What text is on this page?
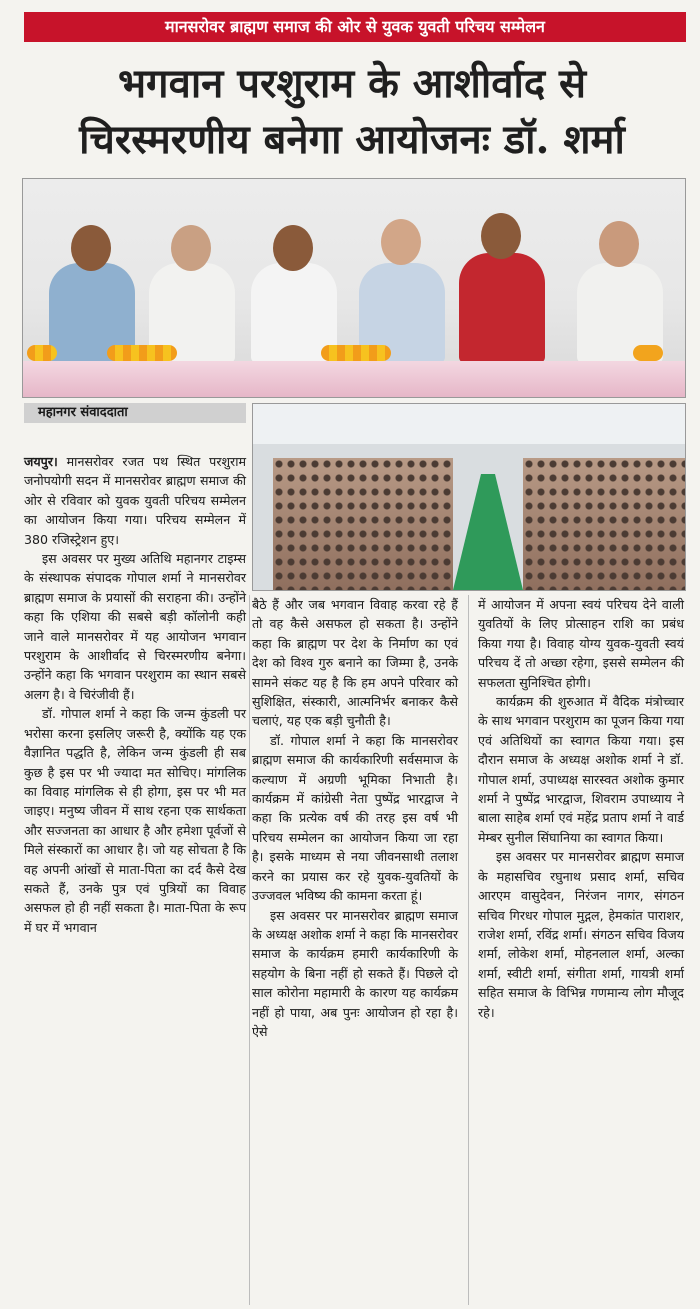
मानसरोवर ब्राह्मण समाज की ओर से युवक युवती परिचय सम्मेलन
भगवान परशुराम के आशीर्वाद से
चिरस्मरणीय बनेगा आयोजनः डॉ. शर्मा
महानगर संवाददाता

जयपुर। मानसरोवर रजत पथ स्थित परशुराम जनोपयोगी सदन में मानसरोवर ब्राह्मण समाज की ओर से रविवार को युवक युवती परिचय सम्मेलन का आयोजन किया गया। परिचय सम्मेलन में 380 रजिस्ट्रेशन हुए।

इस अवसर पर मुख्य अतिथि महानगर टाइम्स के संस्थापक संपादक गोपाल शर्मा ने मानसरोवर ब्राह्मण समाज के प्रयासों की सराहना की। उन्होंने कहा कि एशिया की सबसे बड़ी कॉलोनी कही जाने वाले मानसरोवर में यह आयोजन भगवान परशुराम के आशीर्वाद से चिरस्मरणीय बनेगा। उन्होंने कहा कि भगवान परशुराम का स्थान सबसे अलग है। वे चिरंजीवी हैं।

डॉ. गोपाल शर्मा ने कहा कि जन्म कुंडली पर भरोसा करना इसलिए जरूरी है, क्योंकि यह एक वैज्ञानित पद्धति है, लेकिन जन्म कुंडली ही सब कुछ है इस पर भी ज्यादा मत सोचिए। मांगलिक का विवाह मांगलिक से ही होगा, इस पर भी मत जाइए। मनुष्य जीवन में साथ रहना एक सार्थकता और सज्जनता का आधार है और हमेशा पूर्वजों से मिले संस्कारों का आधार है। जो यह सोचता है कि वह अपनी आंखों से माता-पिता का दर्द कैसे देख सकते हैं, उनके पुत्र एवं पुत्रियों का विवाह असफल हो ही नहीं सकता है। माता-पिता के रूप में घर में भगवान

बैठे हैं और जब भगवान विवाह करवा रहे हैं तो वह कैसे असफल हो सकता है। उन्होंने कहा कि ब्राह्मण पर देश के निर्माण का एवं देश को विश्व गुरु बनाने का जिम्मा है, उनके सामने संकट यह है कि हम अपने परिवार को सुशिक्षित, संस्कारी, आत्मनिर्भर बनाकर कैसे चलाएं, यह एक बड़ी चुनौती है।

डॉ. गोपाल शर्मा ने कहा कि मानसरोवर ब्राह्मण समाज की कार्यकारिणी सर्वसमाज के कल्याण में अग्रणी भूमिका निभाती है। कार्यक्रम में कांग्रेसी नेता पुष्पेंद्र भारद्वाज ने कहा कि प्रत्येक वर्ष की तरह इस वर्ष भी परिचय सम्मेलन का आयोजन किया जा रहा है। इसके माध्यम से नया जीवनसाथी तलाश करने का प्रयास कर रहे युवक-युवतियों के उज्जवल भविष्य की कामना करता हूं।

इस अवसर पर मानसरोवर ब्राह्मण समाज के अध्यक्ष अशोक शर्मा ने कहा कि मानसरोवर समाज के कार्यक्रम हमारी कार्यकारिणी के सहयोग के बिना नहीं हो सकते हैं। पिछले दो साल कोरोना महामारी के कारण यह कार्यक्रम नहीं हो पाया, अब पुनः आयोजन हो रहा है। ऐसे

में आयोजन में अपना स्वयं परिचय देने वाली युवतियों के लिए प्रोत्साहन राशि का प्रबंध किया गया है। विवाह योग्य युवक-युवती स्वयं परिचय दें तो अच्छा रहेगा, इससे सम्मेलन की सफलता सुनिश्चित होगी।

कार्यक्रम की शुरुआत में वैदिक मंत्रोच्चार के साथ भगवान परशुराम का पूजन किया गया एवं अतिथियों का स्वागत किया गया। इस दौरान समाज के अध्यक्ष अशोक शर्मा ने डॉ. गोपाल शर्मा, उपाध्यक्ष सारस्वत अशोक कुमार शर्मा ने पुष्पेंद्र भारद्वाज, शिवराम उपाध्याय ने बाला साहेब शर्मा एवं महेंद्र प्रताप शर्मा ने वार्ड मेम्बर सुनील सिंघानिया का स्वागत किया।

इस अवसर पर मानसरोवर ब्राह्मण समाज के महासचिव रघुनाथ प्रसाद शर्मा, सचिव आरएम वासुदेवन, निरंजन नागर, संगठन सचिव गिरधर गोपाल मुद्गल, हेमकांत पाराशर, राजेश शर्मा, रविंद्र शर्मा। संगठन सचिव विजय शर्मा, लोकेश शर्मा, मोहनलाल शर्मा, अल्का शर्मा, स्वीटी शर्मा, संगीता शर्मा, गायत्री शर्मा सहित समाज के विभिन्न गणमान्य लोग मौजूद रहे।
